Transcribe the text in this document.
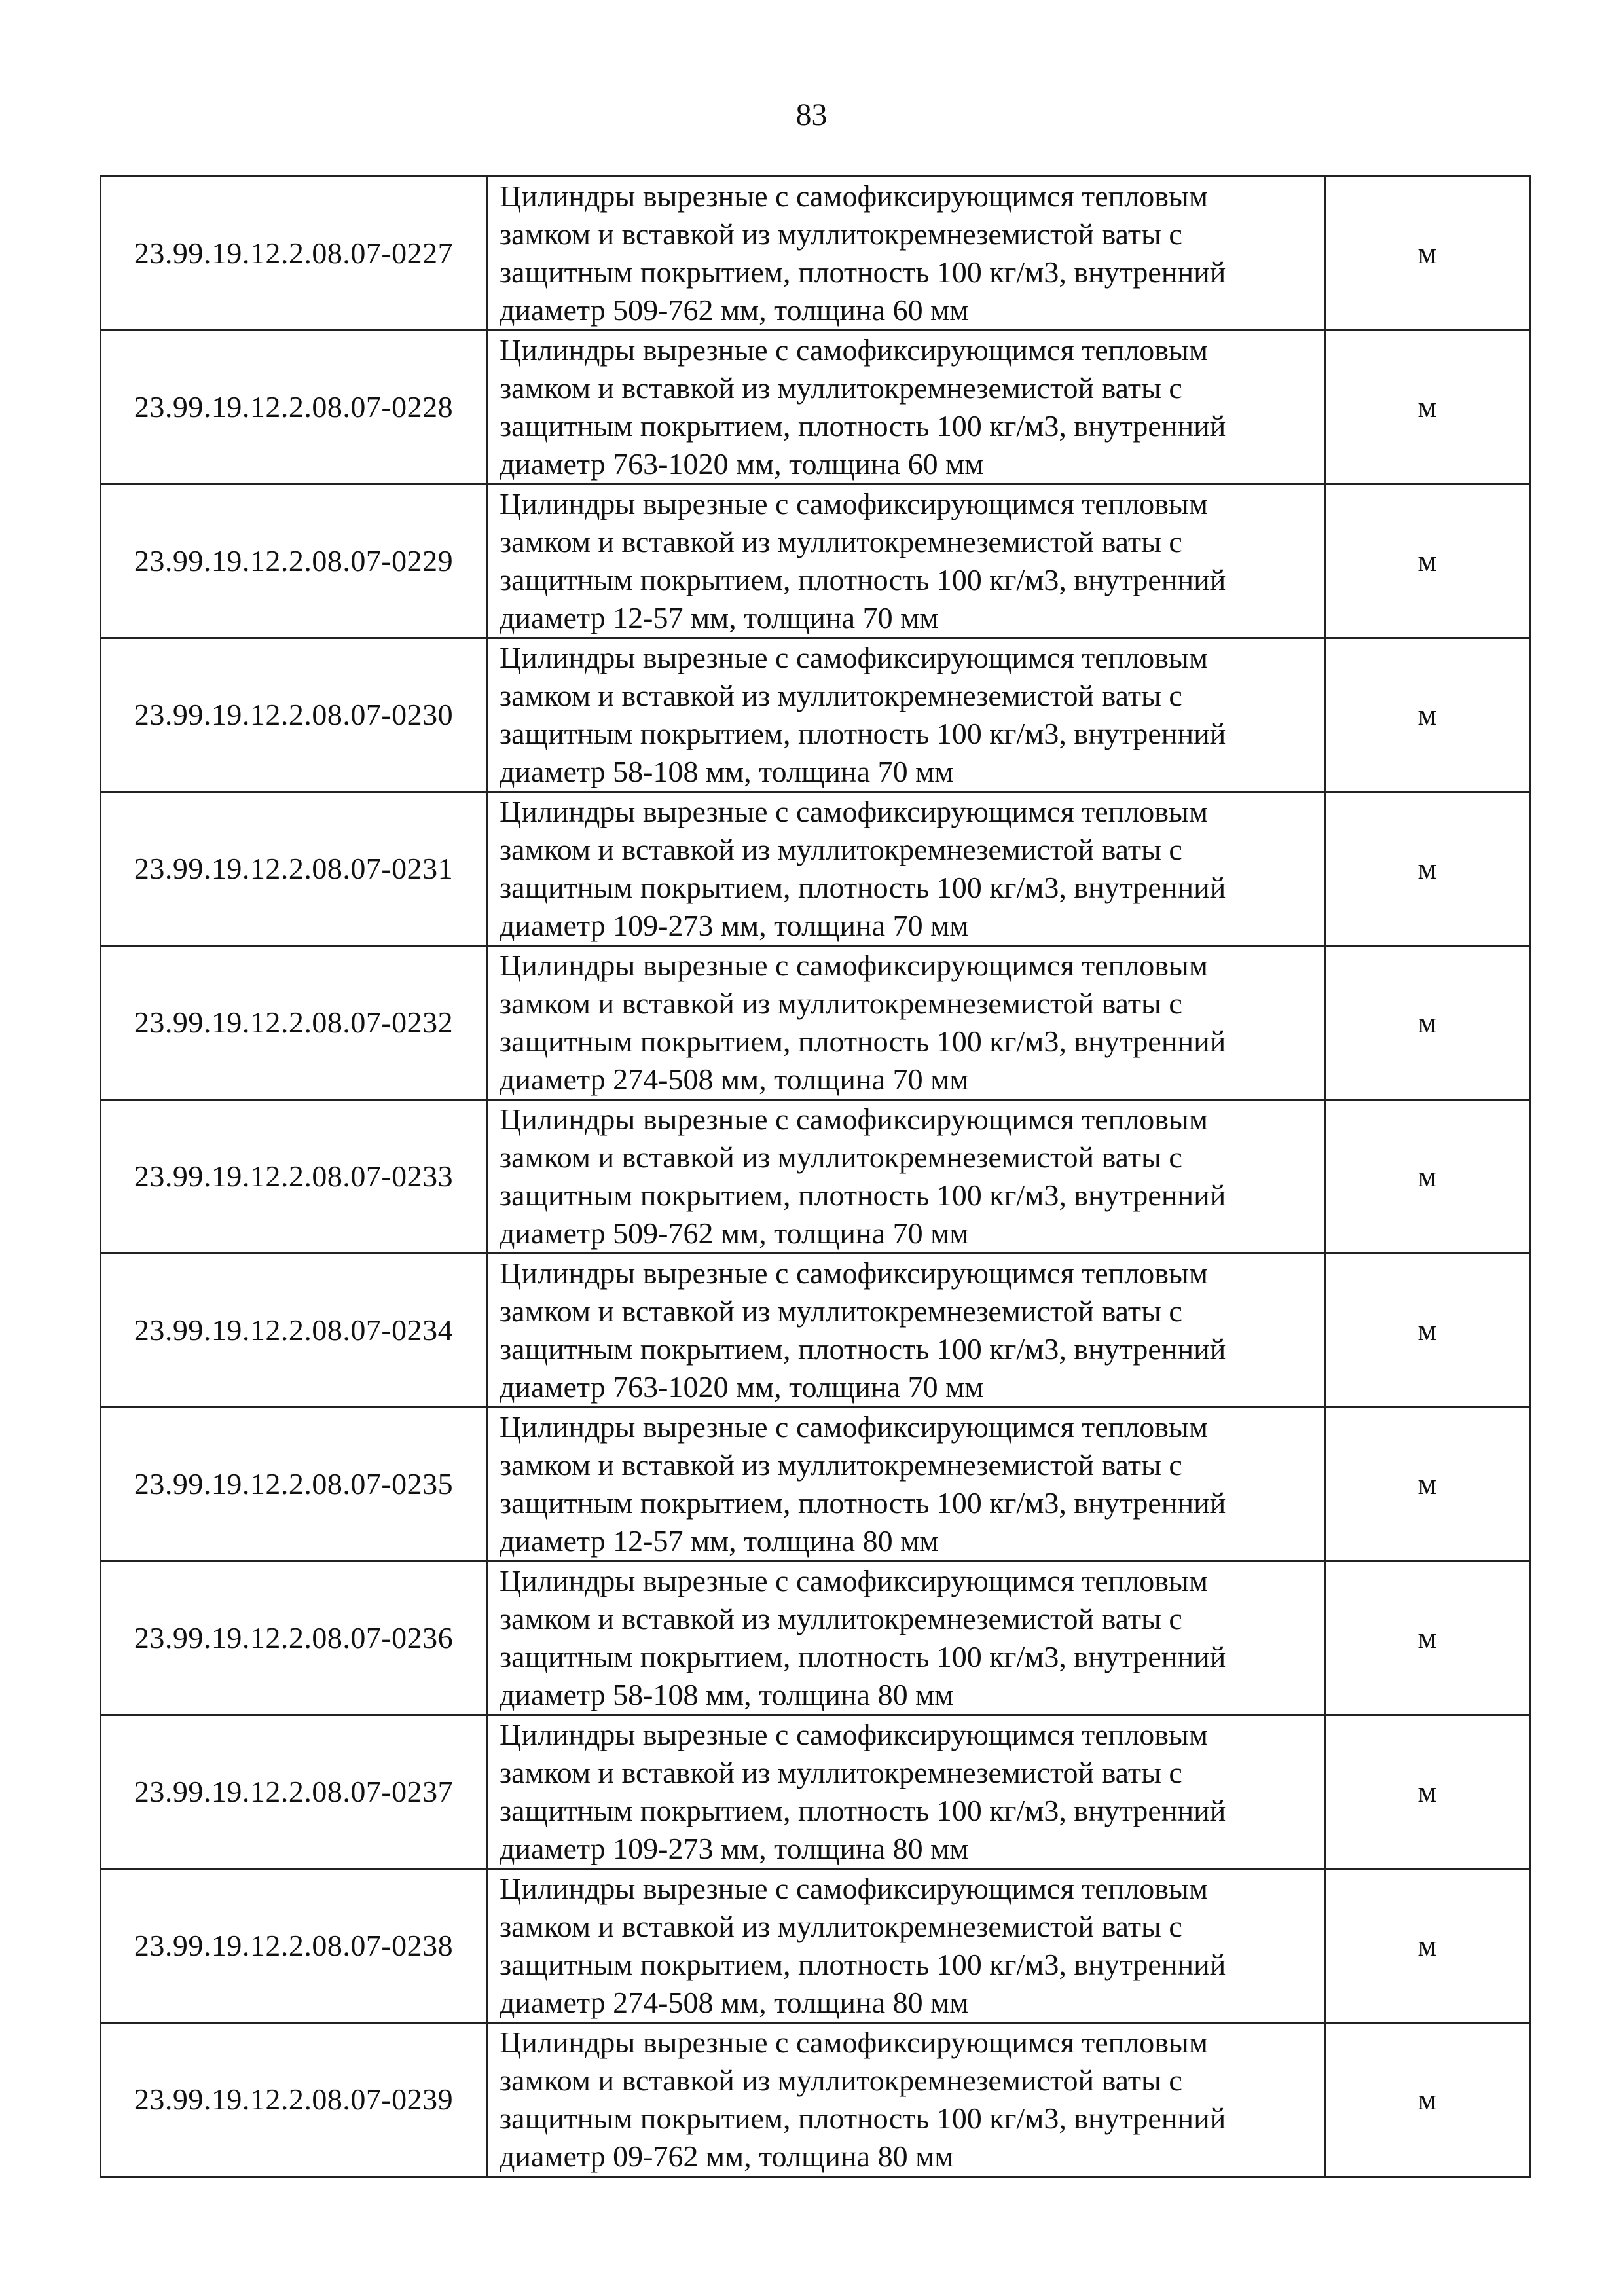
83
23.99.19.12.2.08.07-0227	Цилиндры вырезные с самофиксирующимся тепловым
замком и вставкой из муллитокремнеземистой ваты с
защитным покрытием, плотность 100 кг/м3, внутренний
диаметр 509-762 мм, толщина 60 мм	м
23.99.19.12.2.08.07-0228	Цилиндры вырезные с самофиксирующимся тепловым
замком и вставкой из муллитокремнеземистой ваты с
защитным покрытием, плотность 100 кг/м3, внутренний
диаметр 763-1020 мм, толщина 60 мм	м
23.99.19.12.2.08.07-0229	Цилиндры вырезные с самофиксирующимся тепловым
замком и вставкой из муллитокремнеземистой ваты с
защитным покрытием, плотность 100 кг/м3, внутренний
диаметр 12-57 мм, толщина 70 мм	м
23.99.19.12.2.08.07-0230	Цилиндры вырезные с самофиксирующимся тепловым
замком и вставкой из муллитокремнеземистой ваты с
защитным покрытием, плотность 100 кг/м3, внутренний
диаметр 58-108 мм, толщина 70 мм	м
23.99.19.12.2.08.07-0231	Цилиндры вырезные с самофиксирующимся тепловым
замком и вставкой из муллитокремнеземистой ваты с
защитным покрытием, плотность 100 кг/м3, внутренний
диаметр 109-273 мм, толщина 70 мм	м
23.99.19.12.2.08.07-0232	Цилиндры вырезные с самофиксирующимся тепловым
замком и вставкой из муллитокремнеземистой ваты с
защитным покрытием, плотность 100 кг/м3, внутренний
диаметр 274-508 мм, толщина 70 мм	м
23.99.19.12.2.08.07-0233	Цилиндры вырезные с самофиксирующимся тепловым
замком и вставкой из муллитокремнеземистой ваты с
защитным покрытием, плотность 100 кг/м3, внутренний
диаметр 509-762 мм, толщина 70 мм	м
23.99.19.12.2.08.07-0234	Цилиндры вырезные с самофиксирующимся тепловым
замком и вставкой из муллитокремнеземистой ваты с
защитным покрытием, плотность 100 кг/м3, внутренний
диаметр 763-1020 мм, толщина 70 мм	м
23.99.19.12.2.08.07-0235	Цилиндры вырезные с самофиксирующимся тепловым
замком и вставкой из муллитокремнеземистой ваты с
защитным покрытием, плотность 100 кг/м3, внутренний
диаметр 12-57 мм, толщина 80 мм	м
23.99.19.12.2.08.07-0236	Цилиндры вырезные с самофиксирующимся тепловым
замком и вставкой из муллитокремнеземистой ваты с
защитным покрытием, плотность 100 кг/м3, внутренний
диаметр 58-108 мм, толщина 80 мм	м
23.99.19.12.2.08.07-0237	Цилиндры вырезные с самофиксирующимся тепловым
замком и вставкой из муллитокремнеземистой ваты с
защитным покрытием, плотность 100 кг/м3, внутренний
диаметр 109-273 мм, толщина 80 мм	м
23.99.19.12.2.08.07-0238	Цилиндры вырезные с самофиксирующимся тепловым
замком и вставкой из муллитокремнеземистой ваты с
защитным покрытием, плотность 100 кг/м3, внутренний
диаметр 274-508 мм, толщина 80 мм	м
23.99.19.12.2.08.07-0239	Цилиндры вырезные с самофиксирующимся тепловым
замком и вставкой из муллитокремнеземистой ваты с
защитным покрытием, плотность 100 кг/м3, внутренний
диаметр 09-762 мм, толщина 80 мм	м
